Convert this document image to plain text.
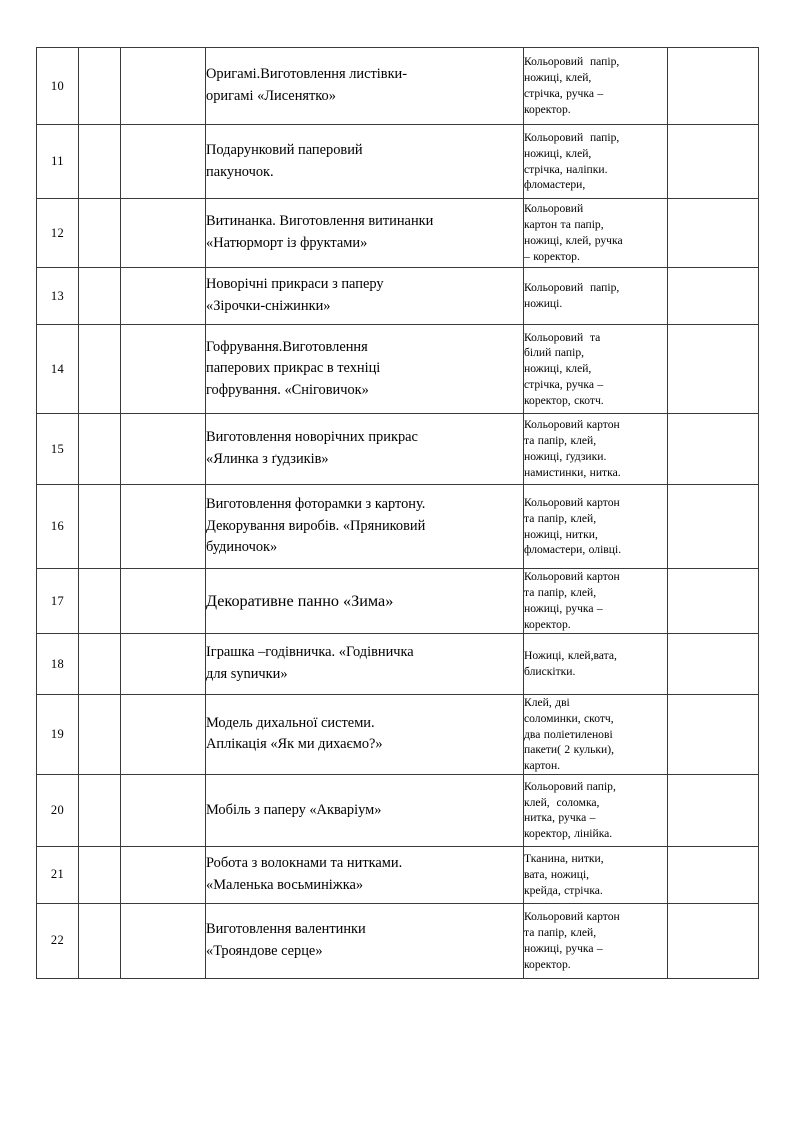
10			Оригамі.Виготовлення листівки-
оригамі «Лисенятко»	Кольоровий  папір,
ножиці, клей,
стрічка, ручка –
коректор.	

11			Подарунковий паперовий
пакуночок.	Кольоровий  папір,
ножиці, клей,
стрічка, наліпки.
фломастери,	

12			Витинанка. Виготовлення витинанки
«Натюрморт із фруктами»	Кольоровий
картон та папір,
ножиці, клей, ручка
– коректор.	

13			Новорічні прикраси з паперу
«Зірочки-сніжинки»	Кольоровий  папір,
ножиці.	

14			Гофрування.Виготовлення
паперових прикрас в техніці
гофрування. «Сніговичок»	Кольоровий  та
білий папір,
ножиці, клей,
стрічка, ручка –
коректор, скотч.	

15			Виготовлення новорічних прикрас
«Ялинка з ґудзиків»	Кольоровий картон
та папір, клей,
ножиці, ґудзики.
намистинки, нитка.	

16			Виготовлення фоторамки з картону.
Декорування виробів. «Пряниковий
будиночок»	Кольоровий картон
та папір, клей,
ножиці, нитки,
фломастери, олівці.	

17			Декоративне панно «Зима»	Кольоровий картон
та папір, клей,
ножиці, ручка –
коректор.	

18			Іграшка –годівничка. «Годівничка
для synички»	Ножиці, клей,вата,
блискітки.	

19			Модель дихальної системи.
Аплікація «Як ми дихаємо?»	Клей, дві
соломинки, скотч,
два поліетиленові
пакети( 2 кульки),
картон.	

20			Мобіль з паперу «Акваріум»	Кольоровий папір,
клей,  соломка,
нитка, ручка –
коректор, лінійка.	

21			Робота з волокнами та нитками.
«Маленька восьминіжка»	Тканина, нитки,
вата, ножиці,
крейда, стрічка.	

22			Виготовлення валентинки
«Трояндове серце»	Кольоровий картон
та папір, клей,
ножиці, ручка –
коректор.	
